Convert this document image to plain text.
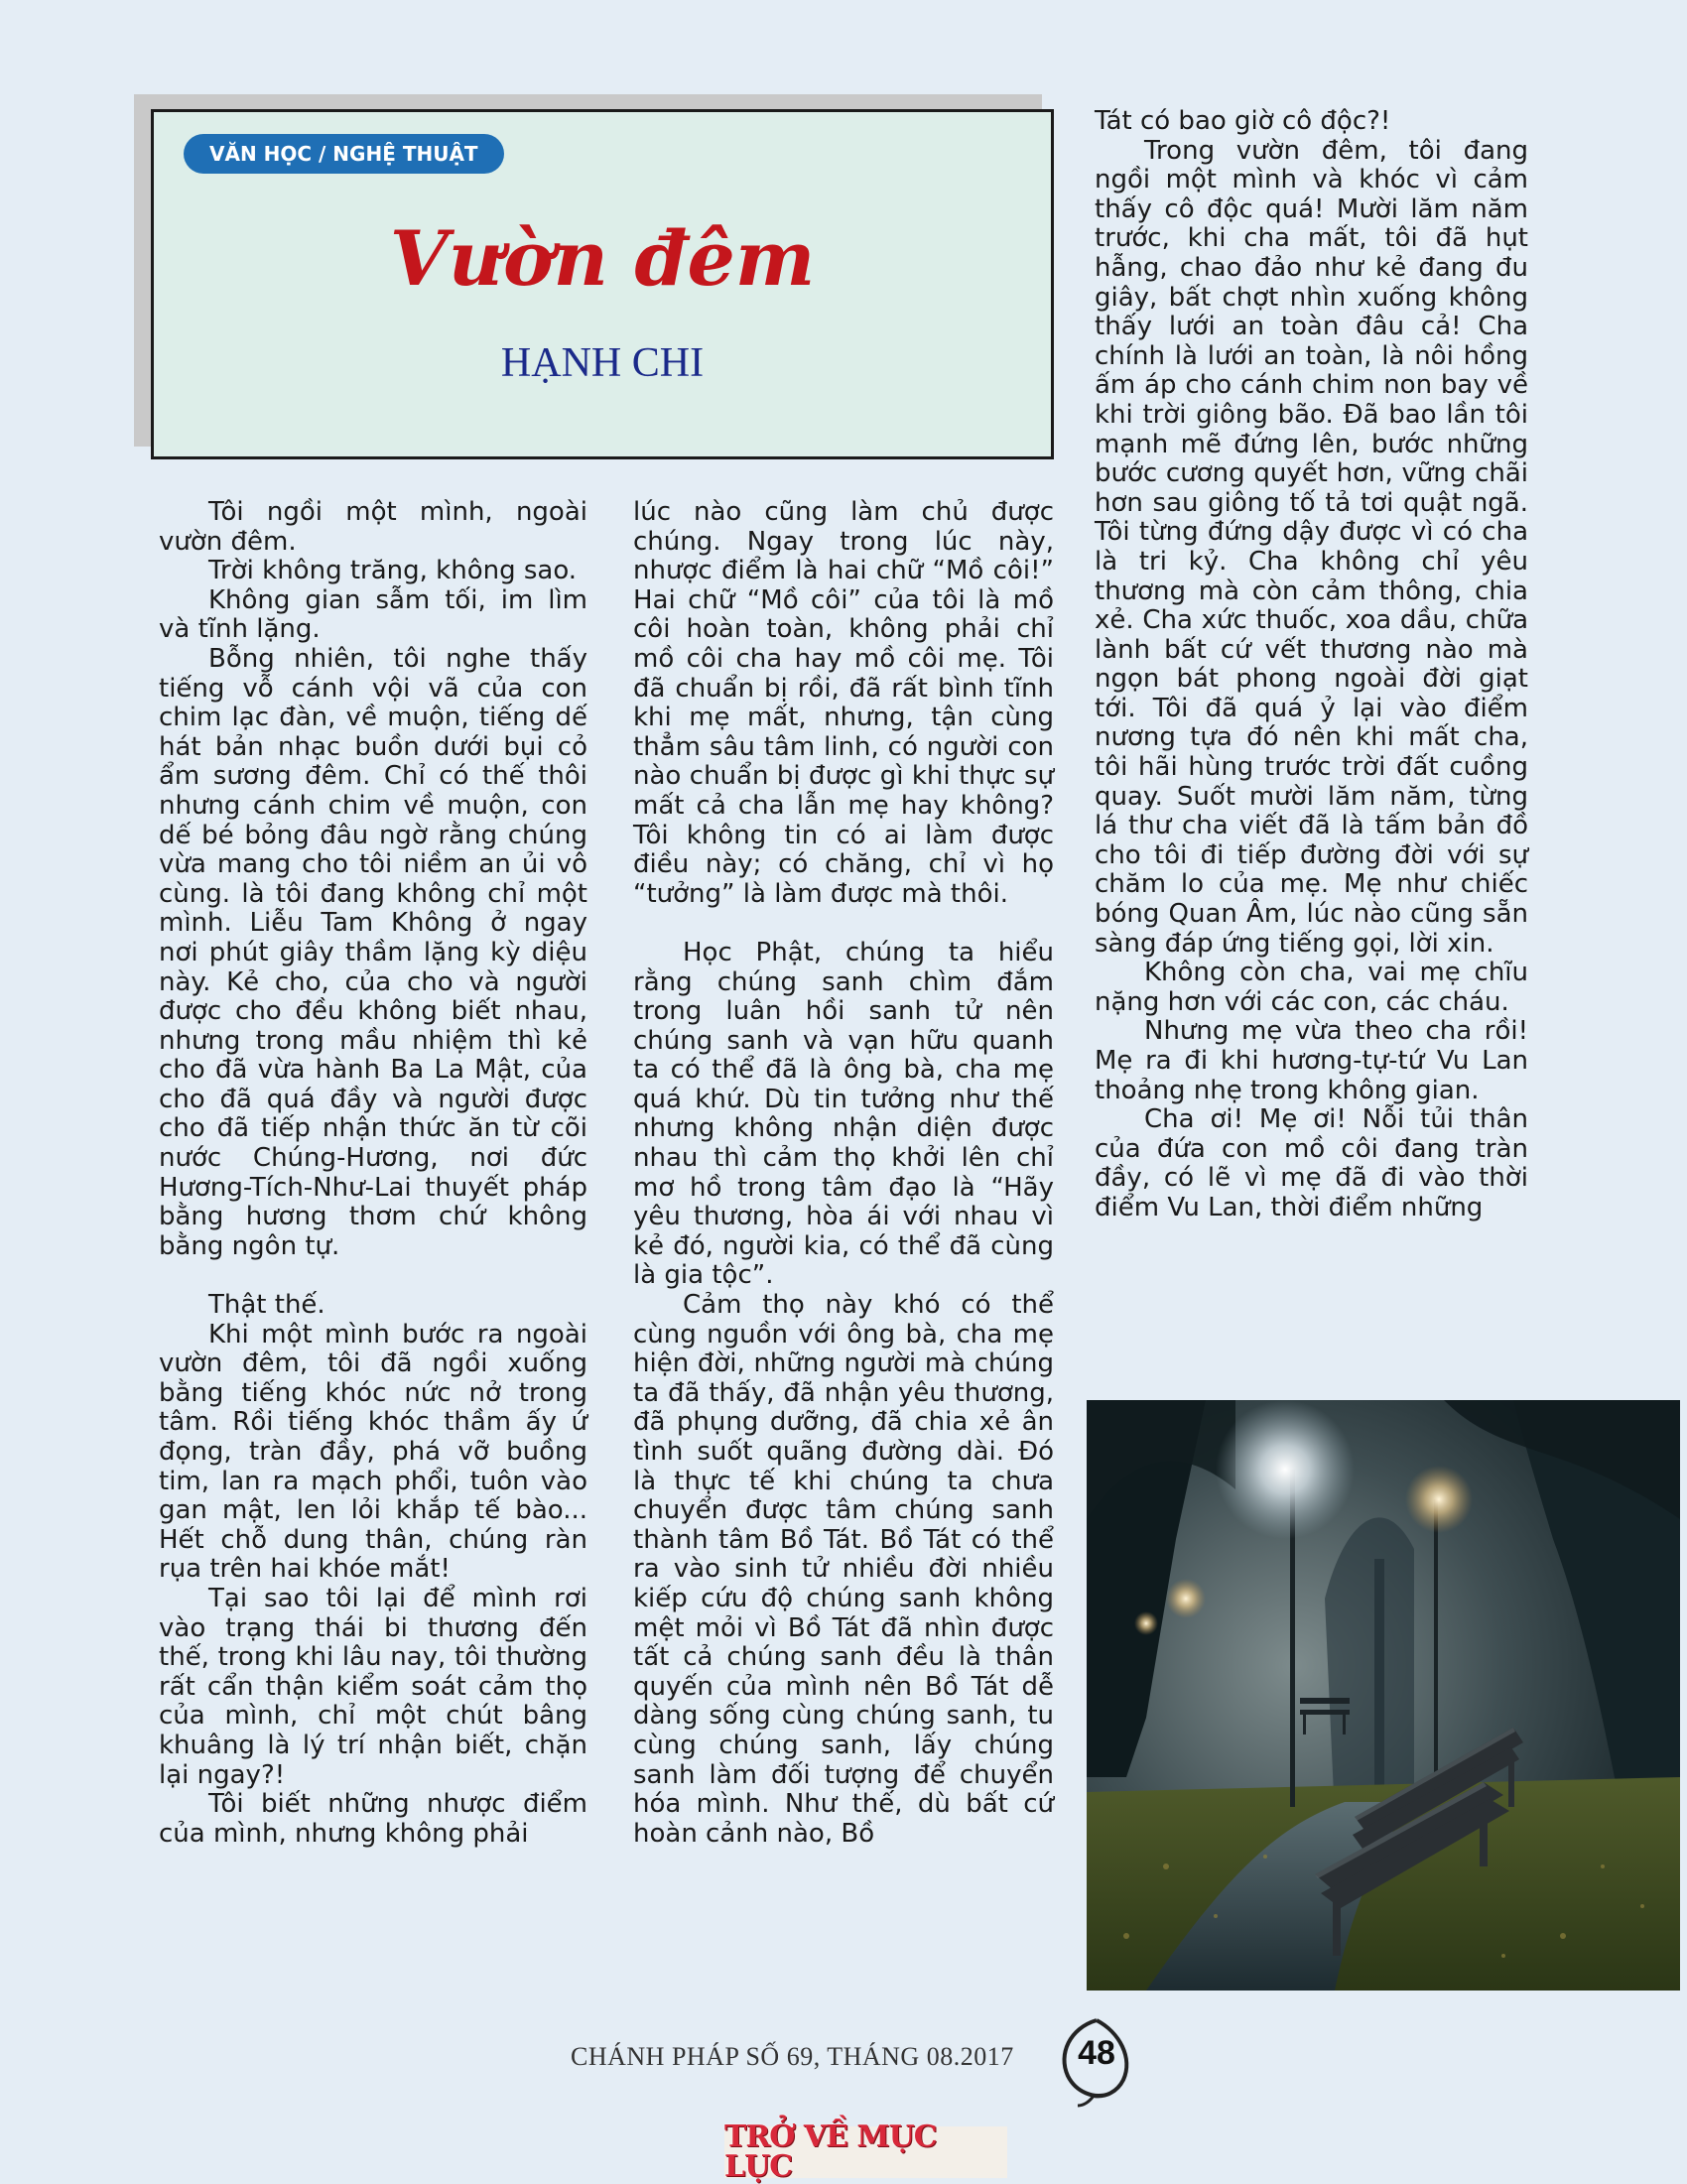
VĂN HỌC / NGHỆ THUẬT
Vườn đêm
HẠNH CHI

Tôi ngồi một mình, ngoài vườn đêm.

Trời không trăng, không sao.

Không gian sẫm tối, im lìm và tĩnh lặng.

Bỗng nhiên, tôi nghe thấy tiếng vỗ cánh vội vã của con chim lạc đàn, về muộn, tiếng dế hát bản nhạc buồn dưới bụi cỏ ẩm sương đêm. Chỉ có thế thôi nhưng cánh chim về muộn, con dế bé bỏng đâu ngờ rằng chúng vừa mang cho tôi niềm an ủi vô cùng. là tôi đang không chỉ một mình. Liễu Tam Không ở ngay nơi phút giây thầm lặng kỳ diệu này. Kẻ cho, của cho và người được cho đều không biết nhau, nhưng trong mầu nhiệm thì kẻ cho đã vừa hành Ba La Mật, của cho đã quá đầy và người được cho đã tiếp nhận thức ăn từ cõi nước Chúng-Hương, nơi đức Hương-Tích-Như-Lai thuyết pháp bằng hương thơm chứ không bằng ngôn tự.

Thật thế.

Khi một mình bước ra ngoài vườn đêm, tôi đã ngồi xuống bằng tiếng khóc nức nở trong tâm. Rồi tiếng khóc thầm ấy ứ đọng, tràn đầy, phá vỡ buồng tim, lan ra mạch phổi, tuôn vào gan mật, len lỏi khắp tế bào... Hết chỗ dung thân, chúng ràn rụa trên hai khóe mắt!

Tại sao tôi lại để mình rơi vào trạng thái bi thương đến thế, trong khi lâu nay, tôi thường rất cẩn thận kiểm soát cảm thọ của mình, chỉ một chút bâng khuâng là lý trí nhận biết, chặn lại ngay?!

Tôi biết những nhược điểm của mình, nhưng không phải

lúc nào cũng làm chủ được chúng. Ngay trong lúc này, nhược điểm là hai chữ “Mồ côi!” Hai chữ “Mồ côi” của tôi là mồ côi hoàn toàn, không phải chỉ mồ côi cha hay mồ côi mẹ. Tôi đã chuẩn bị rồi, đã rất bình tĩnh khi mẹ mất, nhưng, tận cùng thẳm sâu tâm linh, có người con nào chuẩn bị được gì khi thực sự mất cả cha lẫn mẹ hay không? Tôi không tin có ai làm được điều này; có chăng, chỉ vì họ “tưởng” là làm được mà thôi.

Học Phật, chúng ta hiểu rằng chúng sanh chìm đắm trong luân hồi sanh tử nên chúng sanh và vạn hữu quanh ta có thể đã là ông bà, cha mẹ quá khứ. Dù tin tưởng như thế nhưng không nhận diện được nhau thì cảm thọ khởi lên chỉ mơ hồ trong tâm đạo là “Hãy yêu thương, hòa ái với nhau vì kẻ đó, người kia, có thể đã cùng là gia tộc”.

Cảm thọ này khó có thể cùng nguồn với ông bà, cha mẹ hiện đời, những người mà chúng ta đã thấy, đã nhận yêu thương, đã phụng dưỡng, đã chia xẻ ân tình suốt quãng đường dài. Đó là thực tế khi chúng ta chưa chuyển được tâm chúng sanh thành tâm Bồ Tát. Bồ Tát có thể ra vào sinh tử nhiều đời nhiều kiếp cứu độ chúng sanh không mệt mỏi vì Bồ Tát đã nhìn được tất cả chúng sanh đều là thân quyến của mình nên Bồ Tát dễ dàng sống cùng chúng sanh, tu cùng chúng sanh, lấy chúng sanh làm đối tượng để chuyển hóa mình. Như thế, dù bất cứ hoàn cảnh nào, Bồ

Tát có bao giờ cô độc?!

Trong vườn đêm, tôi đang ngồi một mình và khóc vì cảm thấy cô độc quá! Mười lăm năm trước, khi cha mất, tôi đã hụt hẫng, chao đảo như kẻ đang đu giây, bất chợt nhìn xuống không thấy lưới an toàn đâu cả! Cha chính là lưới an toàn, là nôi hồng ấm áp cho cánh chim non bay về khi trời giông bão. Đã bao lần tôi mạnh mẽ đứng lên, bước những bước cương quyết hơn, vững chãi hơn sau giông tố tả tơi quật ngã. Tôi từng đứng dậy được vì có cha là tri kỷ. Cha không chỉ yêu thương mà còn cảm thông, chia xẻ. Cha xức thuốc, xoa dầu, chữa lành bất cứ vết thương nào mà ngọn bát phong ngoài đời giạt tới. Tôi đã quá ỷ lại vào điểm nương tựa đó nên khi mất cha, tôi hãi hùng trước trời đất cuồng quay. Suốt mười lăm năm, từng lá thư cha viết đã là tấm bản đồ cho tôi đi tiếp đường đời với sự chăm lo của mẹ. Mẹ như chiếc bóng Quan Âm, lúc nào cũng sẵn sàng đáp ứng tiếng gọi, lời xin.

Không còn cha, vai mẹ chĩu nặng hơn với các con, các cháu.

Nhưng mẹ vừa theo cha rồi! Mẹ ra đi khi hương-tự-tứ Vu Lan thoảng nhẹ trong không gian.

Cha ơi! Mẹ ơi! Nỗi tủi thân của đứa con mồ côi đang tràn đầy, có lẽ vì mẹ đã đi vào thời điểm Vu Lan, thời điểm những

CHÁNH PHÁP SỐ 69, THÁNG 08.2017	48
TRỞ VỀ MỤC LỤC
